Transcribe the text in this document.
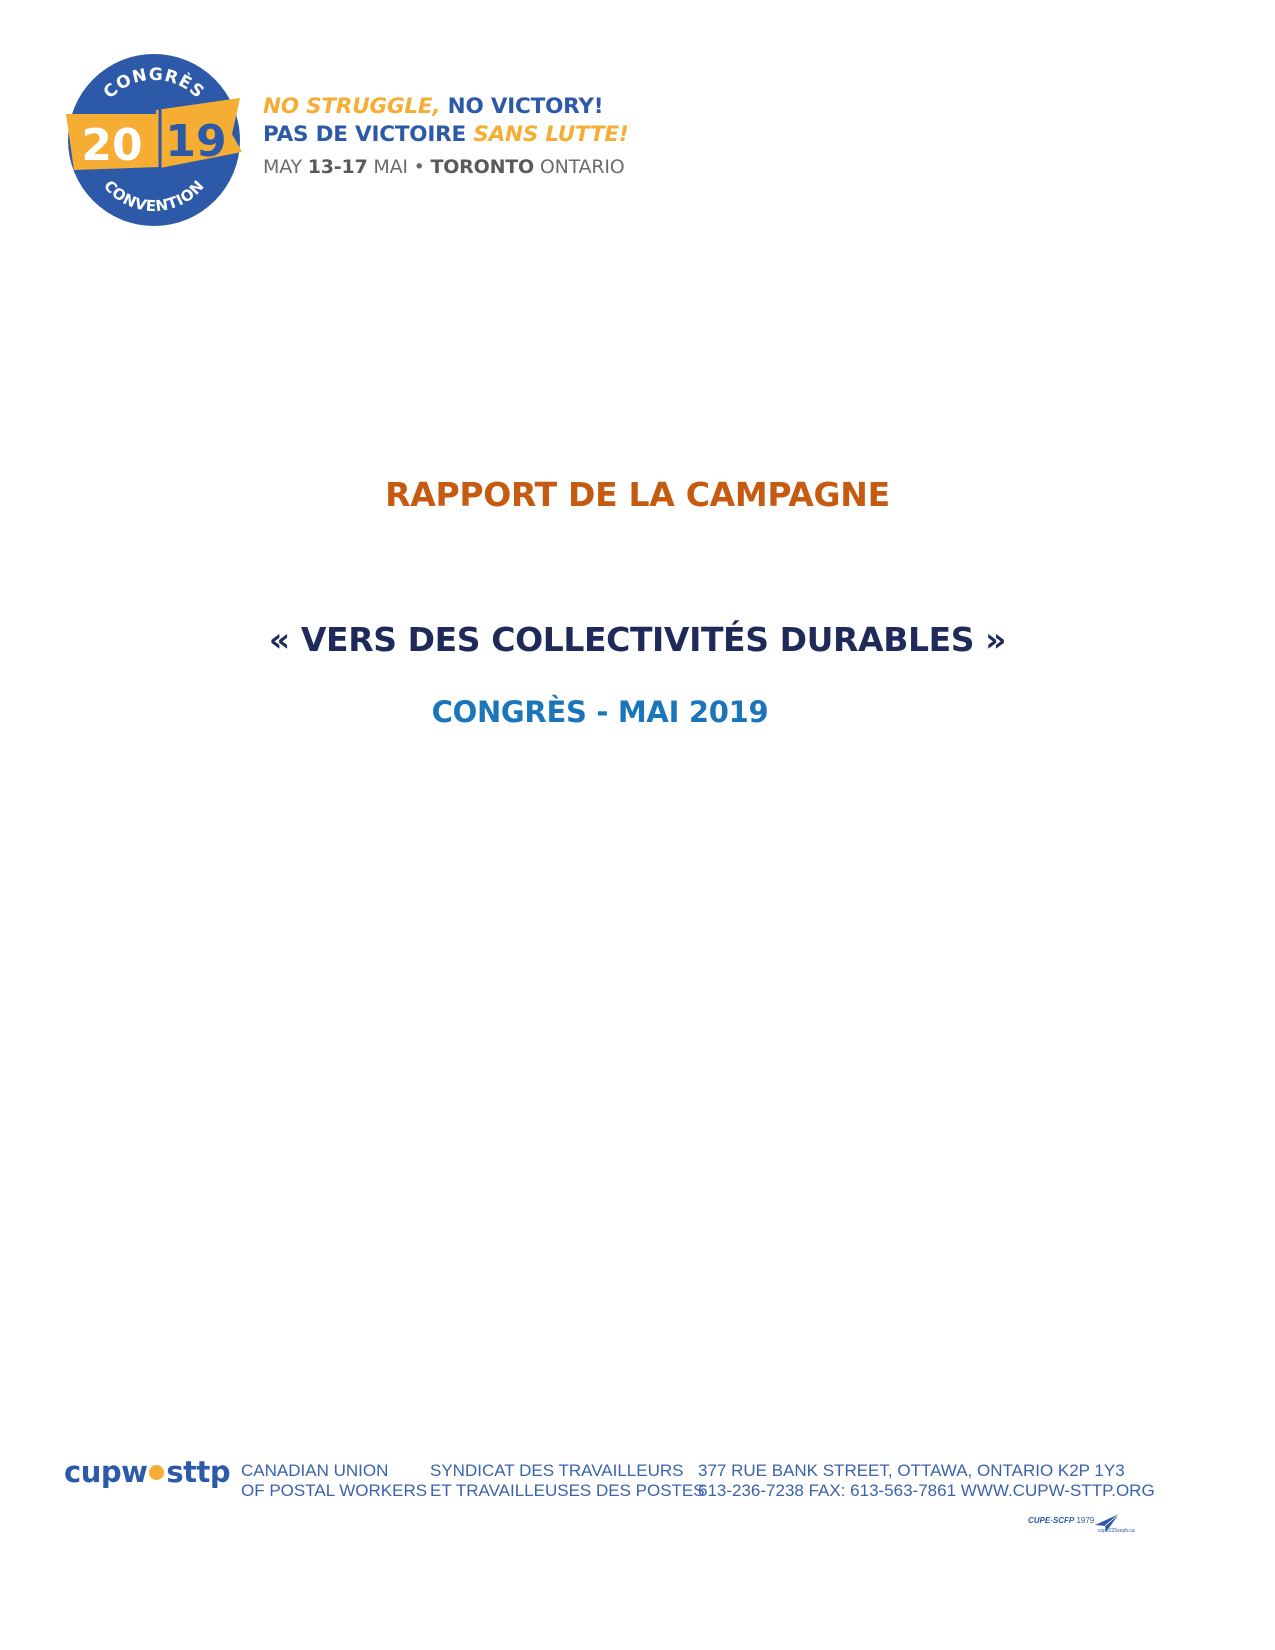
CONGRÈS
20 19
CONVENTION
NO STRUGGLE, NO VICTORY!
PAS DE VICTOIRE SANS LUTTE!
MAY 13-17 MAI • TORONTO ONTARIO
RAPPORT DE LA CAMPAGNE
« VERS DES COLLECTIVITÉS DURABLES »
CONGRÈS - MAI 2019
cupw sttp CANADIAN UNION
OF POSTAL WORKERS
SYNDICAT DES TRAVAILLEURS
ET TRAVAILLEUSES DES POSTES
377 RUE BANK STREET, OTTAWA, ONTARIO K2P 1Y3
613-236-7238 FAX: 613-563-7861 WWW.CUPW-STTP.ORG
CUPE·SCFP 1979
cope225sepb.ca
